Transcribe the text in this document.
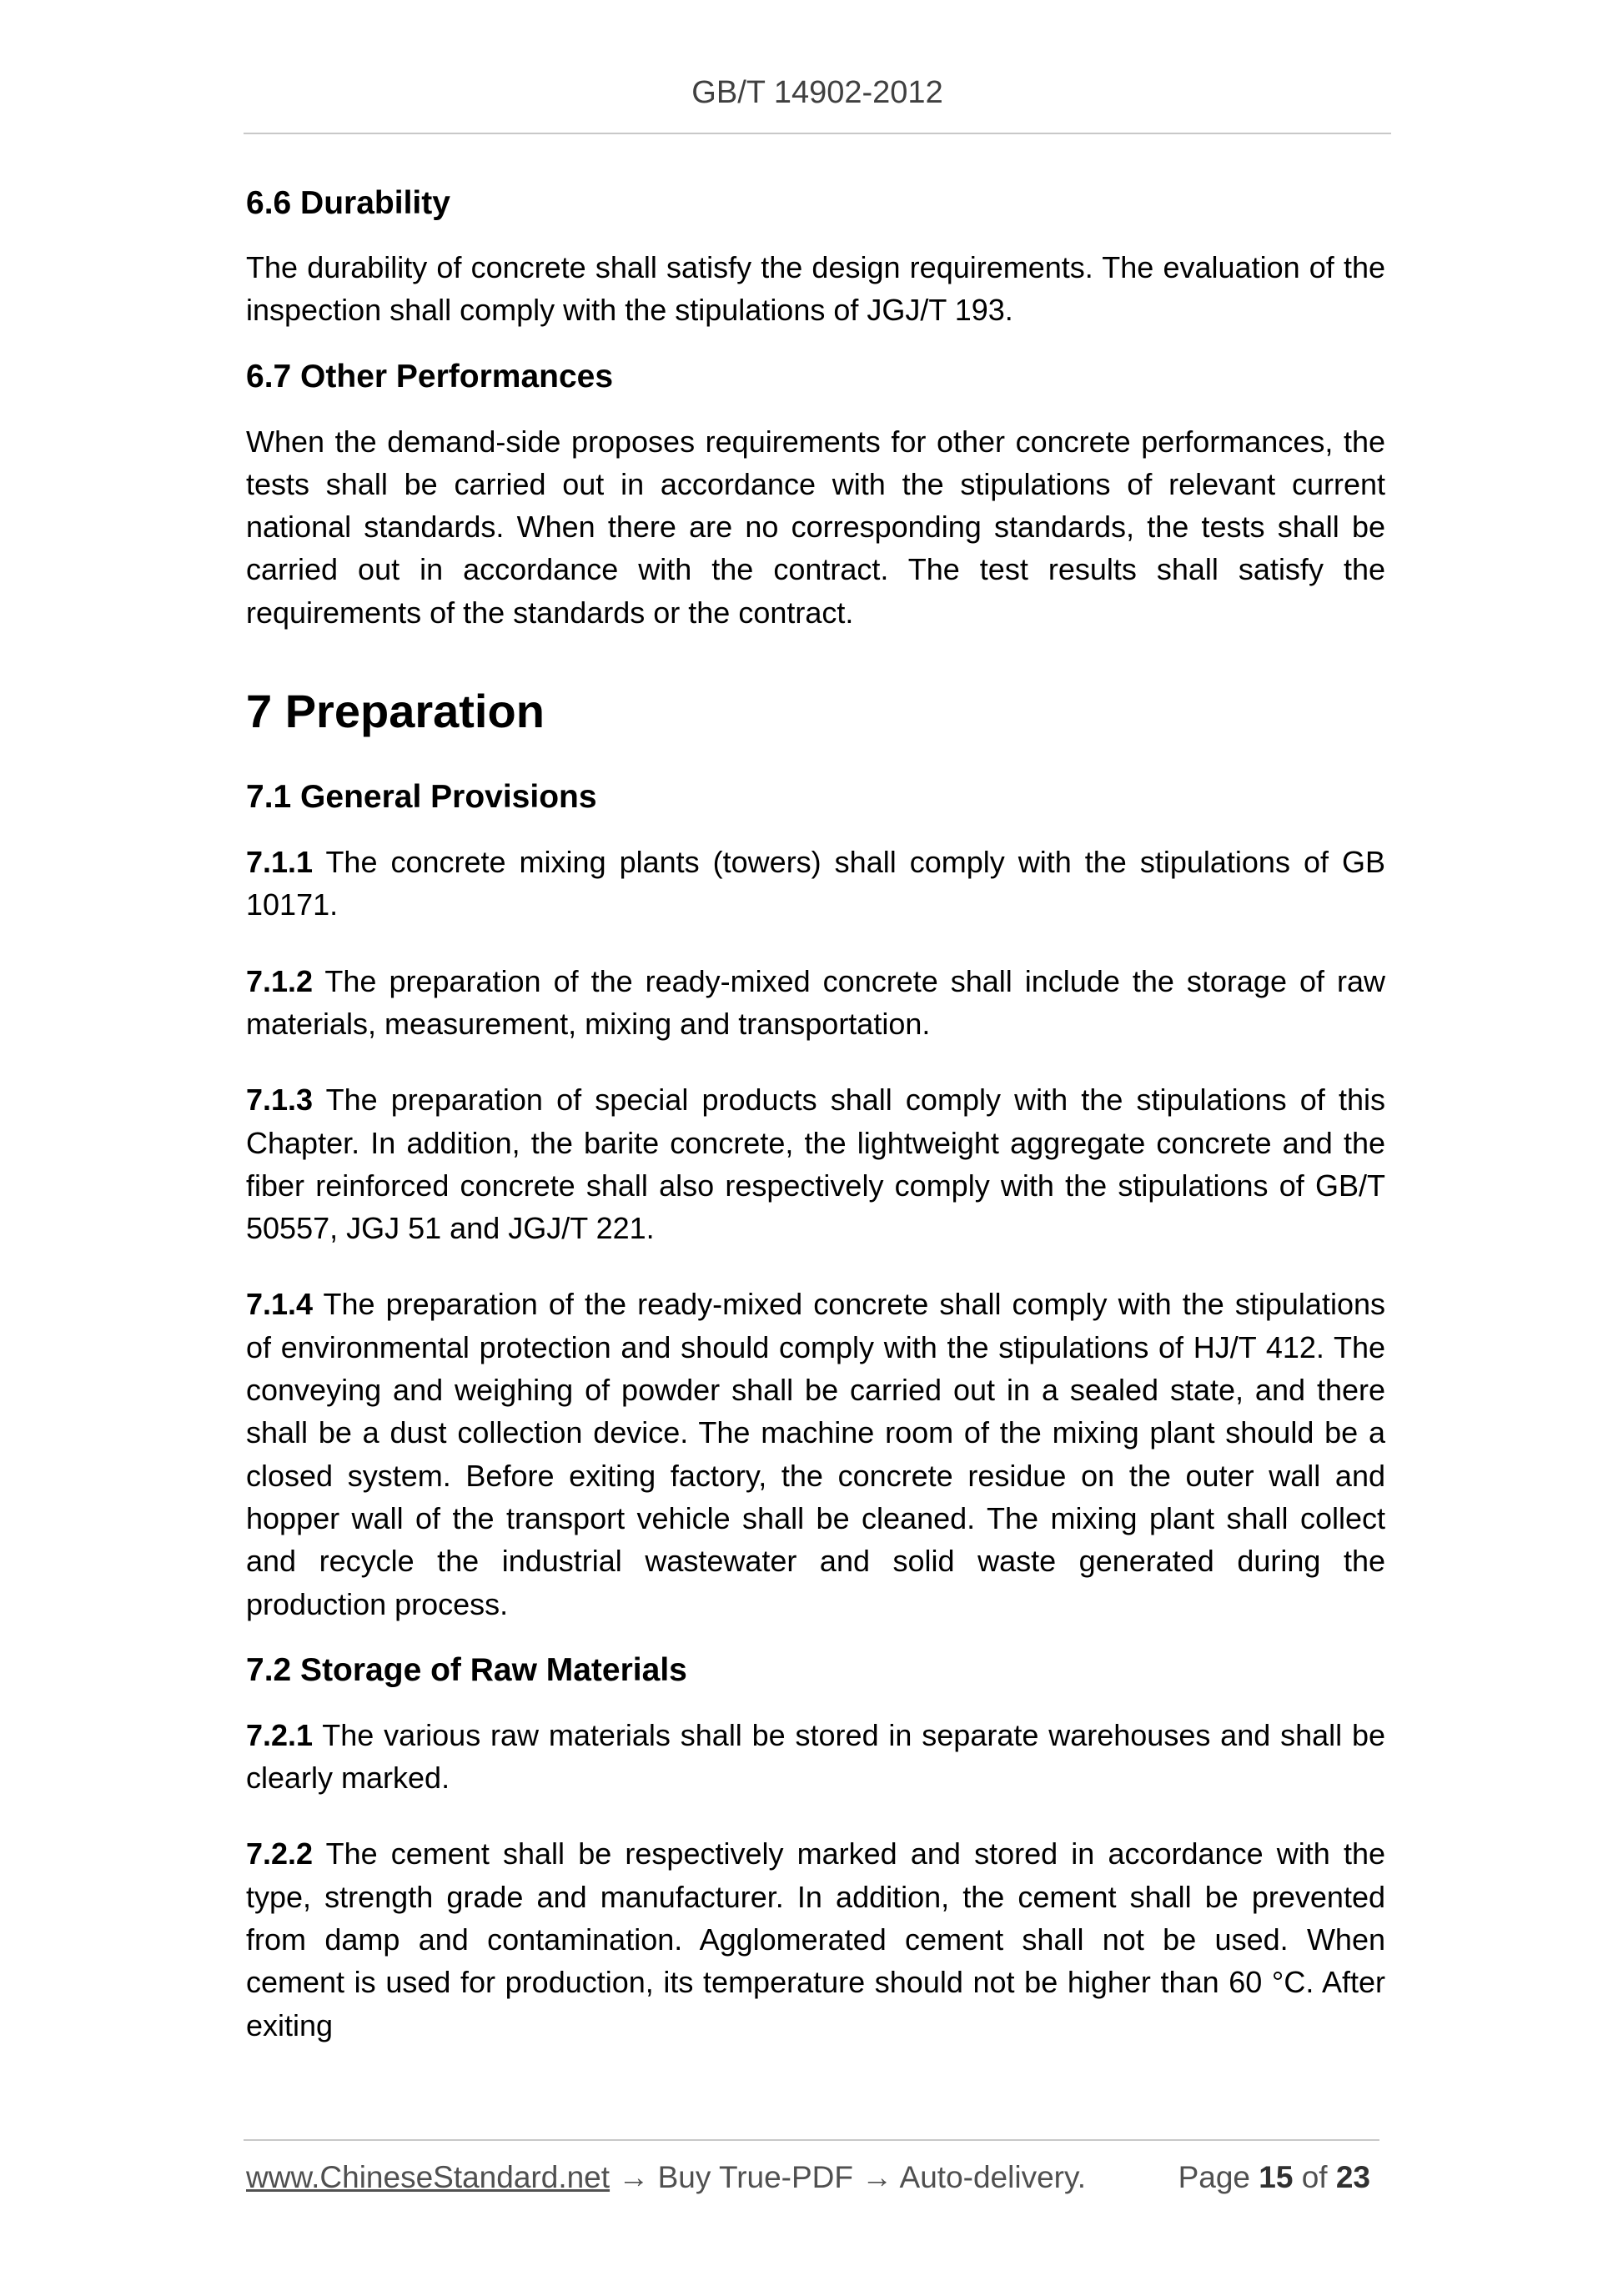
GB/T 14902-2012
6.6 Durability

The durability of concrete shall satisfy the design requirements. The evaluation of the inspection shall comply with the stipulations of JGJ/T 193.

6.7 Other Performances

When the demand-side proposes requirements for other concrete performances, the tests shall be carried out in accordance with the stipulations of relevant current national standards. When there are no corresponding standards, the tests shall be carried out in accordance with the contract. The test results shall satisfy the requirements of the standards or the contract.

7 Preparation
7.1 General Provisions

7.1.1 The concrete mixing plants (towers) shall comply with the stipulations of GB 10171.

7.1.2 The preparation of the ready-mixed concrete shall include the storage of raw materials, measurement, mixing and transportation.

7.1.3 The preparation of special products shall comply with the stipulations of this Chapter. In addition, the barite concrete, the lightweight aggregate concrete and the fiber reinforced concrete shall also respectively comply with the stipulations of GB/T 50557, JGJ 51 and JGJ/T 221.

7.1.4 The preparation of the ready-mixed concrete shall comply with the stipulations of environmental protection and should comply with the stipulations of HJ/T 412. The conveying and weighing of powder shall be carried out in a sealed state, and there shall be a dust collection device. The machine room of the mixing plant should be a closed system. Before exiting factory, the concrete residue on the outer wall and hopper wall of the transport vehicle shall be cleaned. The mixing plant shall collect and recycle the industrial wastewater and solid waste generated during the production process.

7.2 Storage of Raw Materials

7.2.1 The various raw materials shall be stored in separate warehouses and shall be clearly marked.

7.2.2 The cement shall be respectively marked and stored in accordance with the type, strength grade and manufacturer. In addition, the cement shall be prevented from damp and contamination. Agglomerated cement shall not be used. When cement is used for production, its temperature should not be higher than 60 °C. After exiting

www.ChineseStandard.net → Buy True-PDF → Auto-delivery.	Page 15 of 23
